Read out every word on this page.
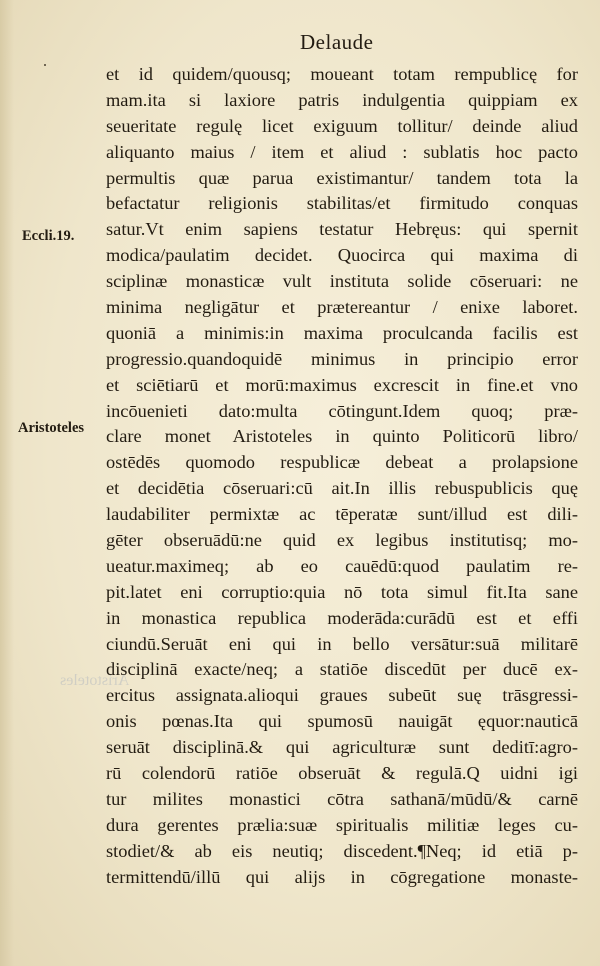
Delaude
Eccli.19.
Aristoteles
Aristoteles
et id quidem/quousq; moueant totam rempublicę for
mam.ita si laxiore patris indulgentia quippiam ex
seueritate regulę licet exiguum tollitur/ deinde aliud
aliquanto maius / item et aliud : sublatis hoc pacto
permultis quæ parua existimantur/ tandem tota la
befactatur religionis stabilitas/et firmitudo conquas
satur.Vt enim sapiens testatur Hebręus: qui spernit
modica/paulatim decidet. Quocirca qui maxima di
sciplinæ monasticæ vult instituta solide cōseruari: ne
minima negligātur et prætereantur / enixe laboret.
quoniā a minimis:in maxima proculcanda facilis est
progressio.quandoquidē minimus in principio error
et sciētiarū et morū:maximus excrescit in fine.et vno
incōuenieti dato:multa cōtingunt.Idem quoq; præ-
clare monet Aristoteles in quinto Politicorū libro/
ostēdēs quomodo respublicæ debeat a prolapsione
et decidētia cōseruari:cū ait.In illis rebuspublicis quę
laudabiliter permixtæ ac tēperatæ sunt/illud est dili-
gēter obseruādū:ne quid ex legibus institutisq; mo-
ueatur.maximeq; ab eo cauēdū:quod paulatim re-
pit.latet eni corruptio:quia nō tota simul fit.Ita sane
in monastica republica moderāda:curādū est et effi
ciundū.Seruāt eni qui in bello versātur:suā militarē
disciplinā exacte/neq; a statiōe discedūt per ducē ex-
ercitus assignata.alioqui graues subeūt suę trāsgressi-
onis pœnas.Ita qui spumosū nauigāt ęquor:nauticā
seruāt disciplinā.& qui agriculturæ sunt deditī:agro-
rū colendorū ratiōe obseruāt & regulā.Q uidni igi
tur milites monastici cōtra sathanā/mūdū/& carnē
dura gerentes prælia:suæ spiritualis militiæ leges cu-
stodiet/& ab eis neutiq; discedent.¶Neq; id etiā p-
termittendū/illū qui alijs in cōgregatione monaste-
